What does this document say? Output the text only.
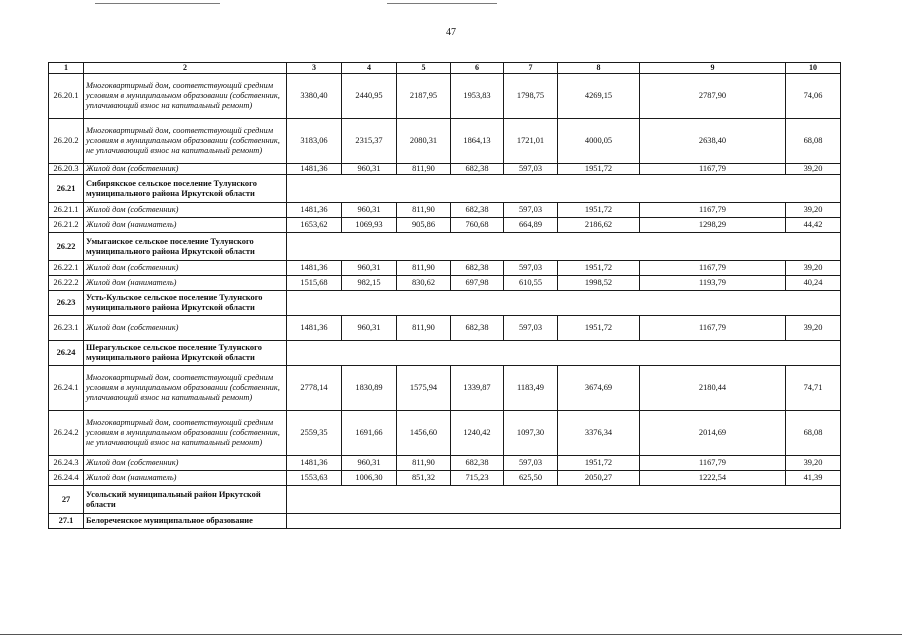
47
1	2	3	4	5	6	7	8	9	10
26.20.1	Многоквартирный дом, соответствующий средним условиям в муниципальном образовании (собственник, уплачивающий взнос на капитальный ремонт)	3380,40	2440,95	2187,95	1953,83	1798,75	4269,15	2787,90	74,06
26.20.2	Многоквартирный дом, соответствующий средним условиям в муниципальном образовании (собственник, не уплачивающий взнос на капитальный ремонт)	3183,06	2315,37	2080,31	1864,13	1721,01	4000,05	2638,40	68,08
26.20.3	Жилой дом (собственник)	1481,36	960,31	811,90	682,38	597,03	1951,72	1167,79	39,20
26.21	Сибирякское сельское поселение Тулунского муниципального района Иркутской области								
26.21.1	Жилой дом (собственник)	1481,36	960,31	811,90	682,38	597,03	1951,72	1167,79	39,20
26.21.2	Жилой дом (наниматель)	1653,62	1069,93	905,86	760,68	664,89	2186,62	1298,29	44,42
26.22	Умыгаиское сельское поселение Тулунского муниципального района Иркутской области								
26.22.1	Жилой дом (собственник)	1481,36	960,31	811,90	682,38	597,03	1951,72	1167,79	39,20
26.22.2	Жилой дом (наниматель)	1515,68	982,15	830,62	697,98	610,55	1998,52	1193,79	40,24
26.23	Усть-Кульское сельское поселение Тулунского муниципального района Иркутской области								
26.23.1	Жилой дом (собственник)	1481,36	960,31	811,90	682,38	597,03	1951,72	1167,79	39,20
26.24	Шерагульское сельское поселение Тулунского муниципального района Иркутской области								
26.24.1	Многоквартирный дом, соответствующий средним условиям в муниципальном образовании (собственник, уплачивающий взнос на капитальный ремонт)	2778,14	1830,89	1575,94	1339,87	1183,49	3674,69	2180,44	74,71
26.24.2	Многоквартирный дом, соответствующий средним условиям в муниципальном образовании (собственник, не уплачивающий взнос на капитальный ремонт)	2559,35	1691,66	1456,60	1240,42	1097,30	3376,34	2014,69	68,08
26.24.3	Жилой дом (собственник)	1481,36	960,31	811,90	682,38	597,03	1951,72	1167,79	39,20
26.24.4	Жилой дом (наниматель)	1553,63	1006,30	851,32	715,23	625,50	2050,27	1222,54	41,39
27	Усольский муниципальный район Иркутской области								
27.1	Белореченское муниципальное образование								
